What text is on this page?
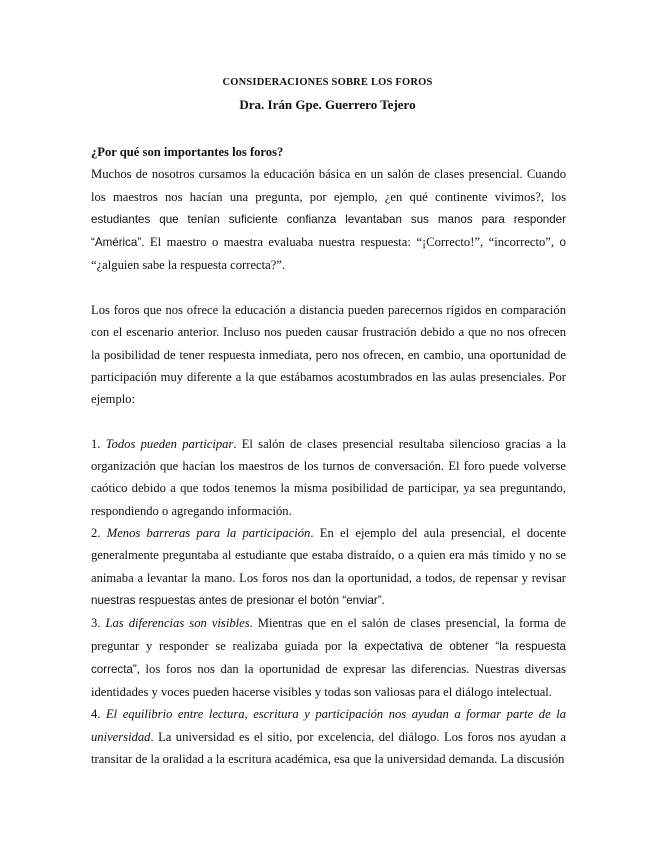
CONSIDERACIONES SOBRE LOS FOROS
Dra. Irán Gpe. Guerrero Tejero

¿Por qué son importantes los foros?

Muchos de nosotros cursamos la educación básica en un salón de clases presencial. Cuando los maestros nos hacían una pregunta, por ejemplo, ¿en qué continente vivimos?, los estudiantes que tenían suficiente confianza levantaban sus manos para responder “América”. El maestro o maestra evaluaba nuestra respuesta: “¡Correcto!”, “incorrecto”, o “¿alguien sabe la respuesta correcta?”.

Los foros que nos ofrece la educación a distancia pueden parecernos rígidos en comparación con el escenario anterior. Incluso nos pueden causar frustración debido a que no nos ofrecen la posibilidad de tener respuesta inmediata, pero nos ofrecen, en cambio, una oportunidad de participación muy diferente a la que estábamos acostumbrados en las aulas presenciales. Por ejemplo:

1. Todos pueden participar. El salón de clases presencial resultaba silencioso gracias a la organización que hacían los maestros de los turnos de conversación. El foro puede volverse caótico debido a que todos tenemos la misma posibilidad de participar, ya sea preguntando, respondiendo o agregando información.

2. Menos barreras para la participación. En el ejemplo del aula presencial, el docente generalmente preguntaba al estudiante que estaba distraído, o a quien era más tímido y no se animaba a levantar la mano. Los foros nos dan la oportunidad, a todos, de repensar y revisar nuestras respuestas antes de presionar el botón “enviar”.

3. Las diferencias son visibles. Mientras que en el salón de clases presencial, la forma de preguntar y responder se realizaba guiada por la expectativa de obtener “la respuesta correcta”, los foros nos dan la oportunidad de expresar las diferencias. Nuestras diversas identidades y voces pueden hacerse visibles y todas son valiosas para el diálogo intelectual.

4. El equilibrio entre lectura, escritura y participación nos ayudan a formar parte de la universidad. La universidad es el sitio, por excelencia, del diálogo. Los foros nos ayudan a transitar de la oralidad a la escritura académica, esa que la universidad demanda. La discusión
